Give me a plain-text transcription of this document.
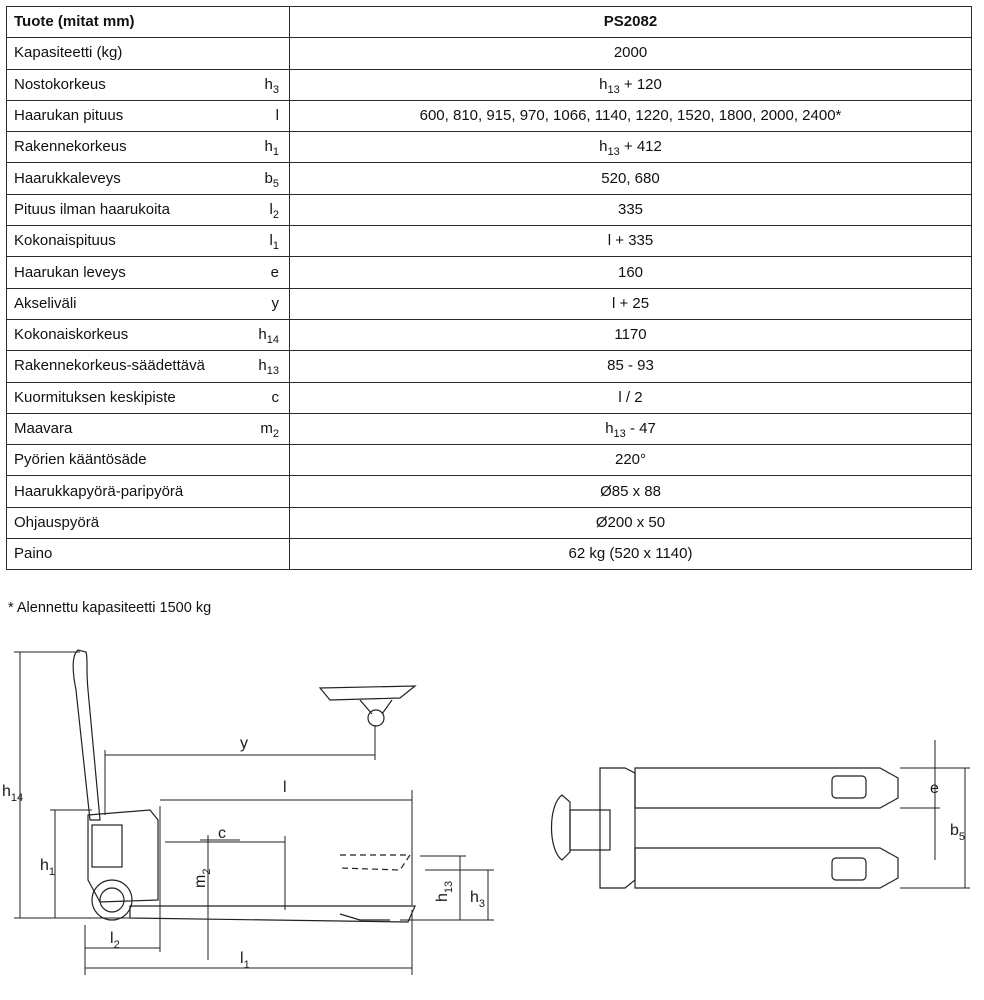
Tuote (mitat mm)	PS2082
Kapasiteetti (kg)	2000
Nostokorkeus $h_3$	$h_{13} + 120$
Haarukan pituus l	600, 810, 915, 970, 1066, 1140, 1220, 1520, 1800, 2000, 2400*
Rakennekorkeus $h_1$	$h_{13} + 412$
Haarukkaleveys $b_5$	520, 680
Pituus ilman haarukoita $l_2$	335
Kokonaispituus $l_1$	l + 335
Haarukan leveys e	160
Akseliväli y	l + 25
Kokonaiskorkeus $h_{14}$	1170
Rakennekorkeus-säädettävä $h_{13}$	85 - 93
Kuormituksen keskipiste c	l / 2
Maavara $m_2$	$h_{13} - 47$
Pyörien kääntösäde	220°
Haarukkapyörä-paripyörä	Ø85 x 88
Ohjauspyörä	Ø200 x 50
Paino	62 kg (520 x 1140)
* Alennettu kapasiteetti 1500 kg
$h_{14}$
$h_1$
$l_2$
$l_1$
c
l
y
e
$b_5$
$h_3$
$m_2$
$h_{13}$
